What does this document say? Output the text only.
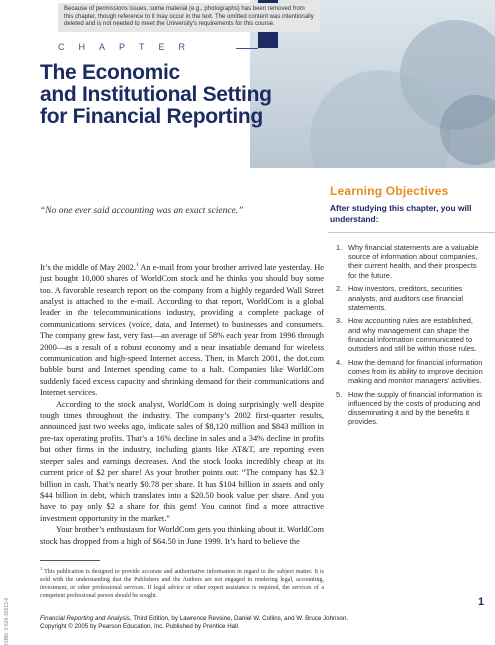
Because of permissions issues, some material (e.g., photographs) has been removed from this chapter, though reference to it may occur in the text. The omitted content was intentionally deleted and is not needed to meet the University's requirements for this course.
CHAPTER
The Economic
and Institutional Setting
for Financial Reporting
“No one ever said accounting was an exact science.”

It’s the middle of May 2002.$^1$ An e-mail from your brother arrived late yesterday. He just bought 10,000 shares of WorldCom stock and he thinks you should buy some too. A favorable research report on the company from a highly regarded Wall Street analyst is attached to the e-mail. According to that report, WorldCom is a global leader in the telecommunications industry, providing a complete package of communications services (voice, data, and Internet) to businesses and consumers. The company grew fast, very fast—an average of 58% each year from 1996 through 2000—as a result of a robust economy and a near insatiable demand for wireless communication and high-speed Internet access. Then, in March 2001, the dot.com bubble burst and Internet spending came to a halt. Companies like WorldCom suddenly faced excess capacity and shrinking demand for their communications and Internet services.

According to the stock analyst, WorldCom is doing surprisingly well despite tough times throughout the industry. The company’s 2002 first-quarter results, announced just two weeks ago, indicate sales of $8,120 million and $843 million in pre-tax operating profits. That’s a 16% decline in sales and a 34% decline in profits but other firms in the industry, including giants like AT&T, are reporting even steeper sales and earnings decreases. And the stock looks incredibly cheap at its current price of $2 per share! As your brother points out: “The company has $2.3 billion in cash. That’s nearly $0.78 per share. It has $104 billion in assets and only $44 billion in debt, which translates into a $20.50 book value per share. And you have to pay only $2 a share for this gem! You cannot find a more attractive investment opportunity in the market.”

Your brother’s enthusiasm for WorldCom gets you thinking about it. WorldCom stock has dropped from a high of $64.50 in June 1999. It’s hard to believe the

Learning Objectives
After studying this chapter, you will understand:
1. Why financial statements are a valuable source of information about companies, their current health, and their prospects for the future.
2. How investors, creditors, securities analysts, and auditors use financial statements.
3. How accounting rules are established, and why management can shape the financial information communicated to outsiders and still be within those rules.
4. How the demand for financial information comes from its ability to improve decision making and monitor managers’ activities.
5. How the supply of financial information is influenced by the costs of producing and disseminating it and by the benefits it provides.
ISBN: 0-536-30513-6
$^1$ This publication is designed to provide accurate and authoritative information in regard to the subject matter. It is sold with the understanding that the Publishers and the Authors are not engaged in rendering legal, accounting, investment, or other professional services. If legal advice or other expert assistance is required, the services of a competent professional person should be sought.
Financial Reporting and Analysis, Third Edition, by Lawrence Revsine, Daniel W. Collins, and W. Bruce Johnson.
Copyright © 2005 by Pearson Education, Inc. Published by Prentice Hall.
1
